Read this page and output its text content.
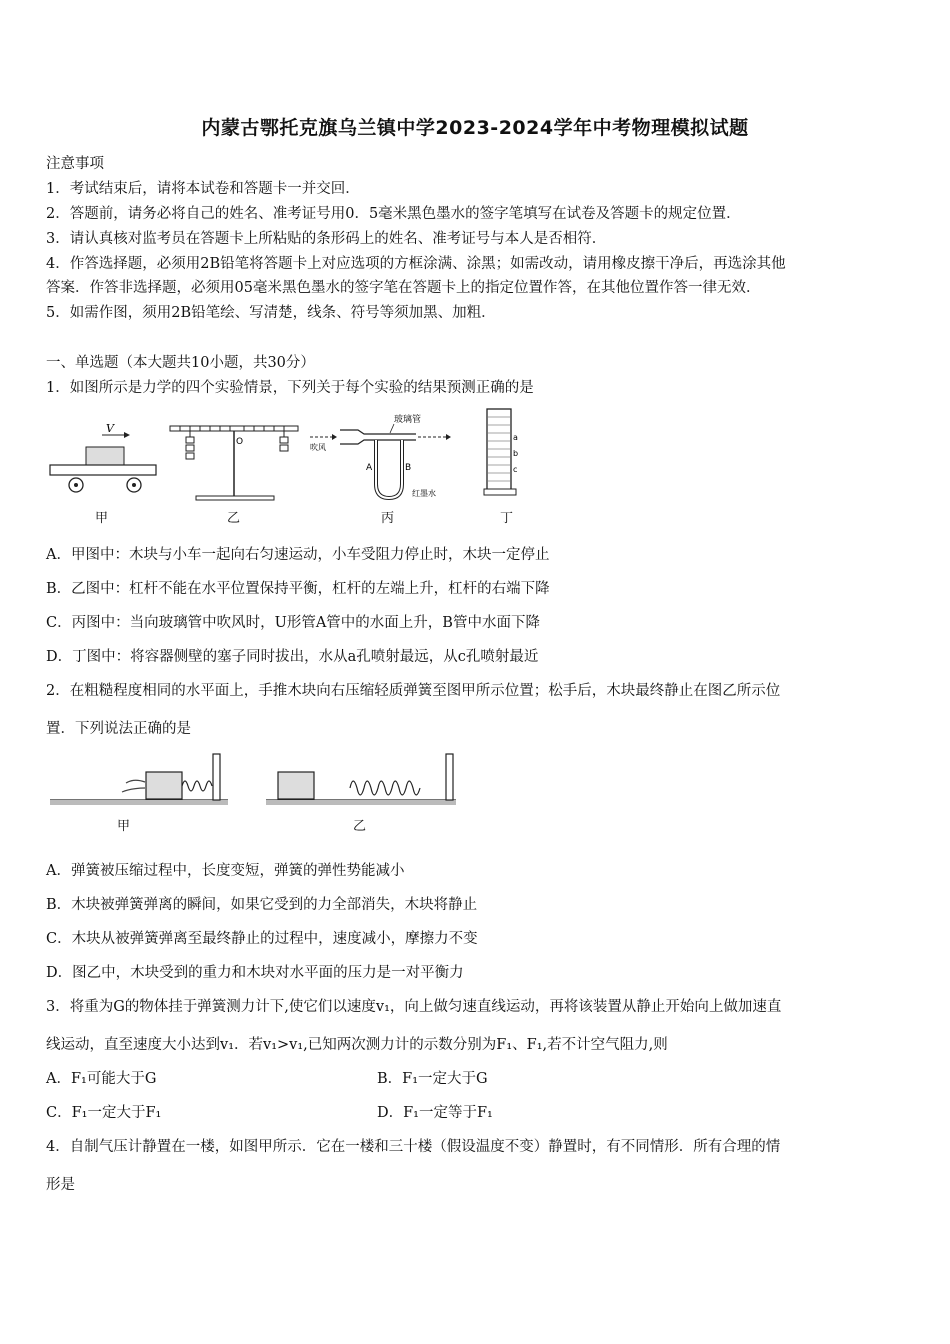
内蒙古鄂托克旗乌兰镇中学2023-2024学年中考物理模拟试题
注意事项
1．考试结束后，请将本试卷和答题卡一并交回．
2．答题前，请务必将自己的姓名、准考证号用0．5毫米黑色墨水的签字笔填写在试卷及答题卡的规定位置．
3．请认真核对监考员在答题卡上所粘贴的条形码上的姓名、准考证号与本人是否相符．
4．作答选择题，必须用2B铅笔将答题卡上对应选项的方框涂满、涂黑；如需改动，请用橡皮擦干净后，再选涂其他
答案．作答非选择题，必须用05毫米黑色墨水的签字笔在答题卡上的指定位置作答，在其他位置作答一律无效．
5．如需作图，须用2B铅笔绘、写清楚，线条、符号等须加黑、加粗．
一、单选题（本大题共10小题，共30分）
1．如图所示是力学的四个实验情景，下列关于每个实验的结果预测正确的是
V
甲
O
乙
吹风
玻璃管
A	B
红墨水
丙
a
b
c
丁
A．甲图中：木块与小车一起向右匀速运动，小车受阻力停止时，木块一定停止
B．乙图中：杠杆不能在水平位置保持平衡，杠杆的左端上升，杠杆的右端下降
C．丙图中：当向玻璃管中吹风时，U形管A管中的水面上升，B管中水面下降
D．丁图中：将容器侧壁的塞子同时拔出，水从a孔喷射最远，从c孔喷射最近
2．在粗糙程度相同的水平面上，手推木块向右压缩轻质弹簧至图甲所示位置；松手后，木块最终静止在图乙所示位
置．下列说法正确的是
甲	乙
A．弹簧被压缩过程中，长度变短，弹簧的弹性势能减小
B．木块被弹簧弹离的瞬间，如果它受到的力全部消失，木块将静止
C．木块从被弹簧弹离至最终静止的过程中，速度减小，摩擦力不变
D．图乙中，木块受到的重力和木块对水平面的压力是一对平衡力
3．将重为G的物体挂于弹簧测力计下,使它们以速度v₁，向上做匀速直线运动，再将该装置从静止开始向上做加速直
线运动，直至速度大小达到v₁．若v₁>v₁,已知两次测力计的示数分别为F₁、F₁,若不计空气阻力,则
A．F₁可能大于G	B．F₁一定大于G
C．F₁一定大于F₁	D．F₁一定等于F₁
4．自制气压计静置在一楼，如图甲所示．它在一楼和三十楼（假设温度不变）静置时，有不同情形．所有合理的情
形是
